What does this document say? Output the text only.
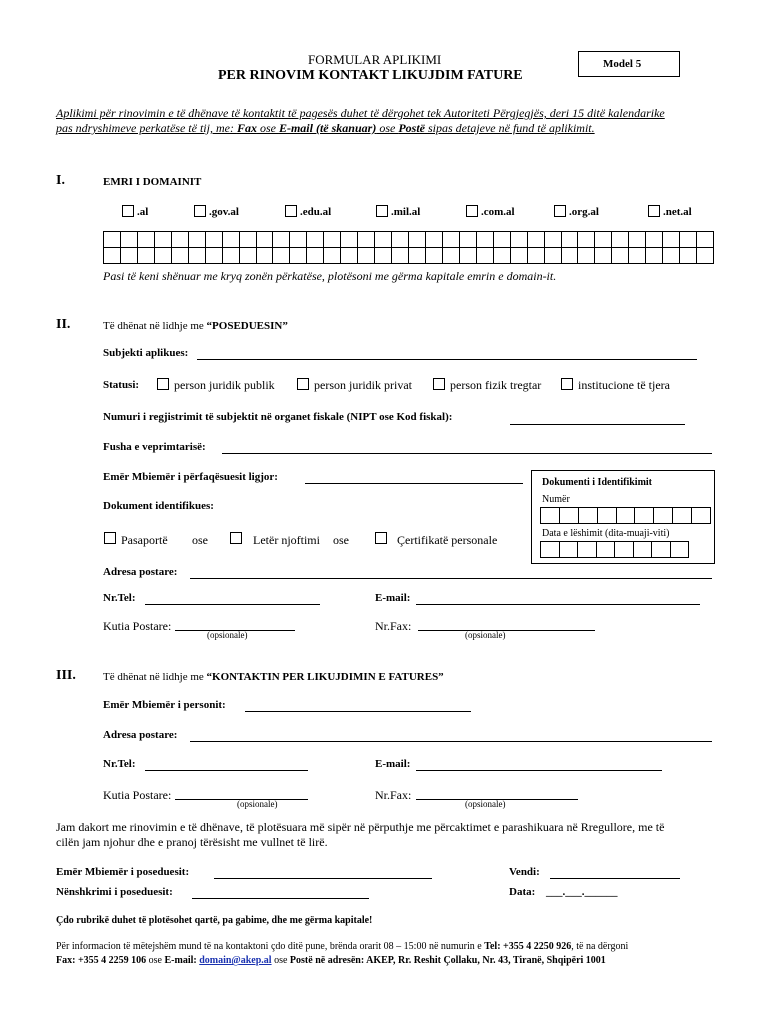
FORMULAR APLIKIMI
PER RINOVIM KONTAKT LIKUJDIM FATURE
Model 5
Aplikimi për rinovimin e të dhënave të kontaktit të pagesës duhet të dërgohet tek Autoriteti Përgjegjës, deri 15 ditë kalendarike
pas ndryshimeve perkatëse të tij, me: Fax ose E-mail (të skanuar) ose Postë sipas detajeve në fund të aplikimit.
I.	EMRI I DOMAINIT
.al	.gov.al	.edu.al	.mil.al	.com.al	.org.al	.net.al
Pasi të keni shënuar me kryq zonën përkatëse, plotësoni me gërma kapitale emrin e domain-it.
II.	Të dhënat në lidhje me “POSEDUESIN”
Subjekti aplikues:
Statusi:	person juridik publik	person juridik privat	person fizik tregtar	institucione të tjera
Numuri i regjistrimit të subjektit në organet fiskale (NIPT ose Kod fiskal):
Fusha e veprimtarisë:
Emër Mbiemër i përfaqësuesit ligjor:	Dokumenti i Identifikimit
Numër
Data e lëshimit (dita-muaji-viti)
Dokument identifikues:
Pasaportë ose	Letër njoftimi ose	Çertifikatë personale
Adresa postare:
Nr.Tel:	E-mail:
Kutia Postare:
(opsionale)
Nr.Fax:
(opsionale)
III. Të dhënat në lidhje me “KONTAKTIN PER LIKUJDIMIN E FATURES”
Emër Mbiemër i personit:
Adresa postare:
Nr.Tel:	E-mail:
Kutia Postare:
(opsionale)
Nr.Fax:
(opsionale)
Jam dakort me rinovimin e të dhënave, të plotësuara më sipër në përputhje me përcaktimet e parashikuara në Rregullore, me të
cilën jam njohur dhe e pranoj tërësisht me vullnet të lirë.
Emër Mbiemër i poseduesit:	Vendi:
Nënshkrimi i poseduesit:	Data: ___.___.______
Çdo rubrikë duhet të plotësohet qartë, pa gabime, dhe me gërma kapitale!
Për informacion të mëtejshëm mund të na kontaktoni çdo ditë pune, brënda orarit 08 – 15:00 në numurin e Tel: +355 4 2250 926, të na dërgoni
Fax: +355 4 2259 106 ose E-mail: domain@akep.al ose Postë në adresën: AKEP, Rr. Reshit Çollaku, Nr. 43, Tiranë, Shqipëri 1001
